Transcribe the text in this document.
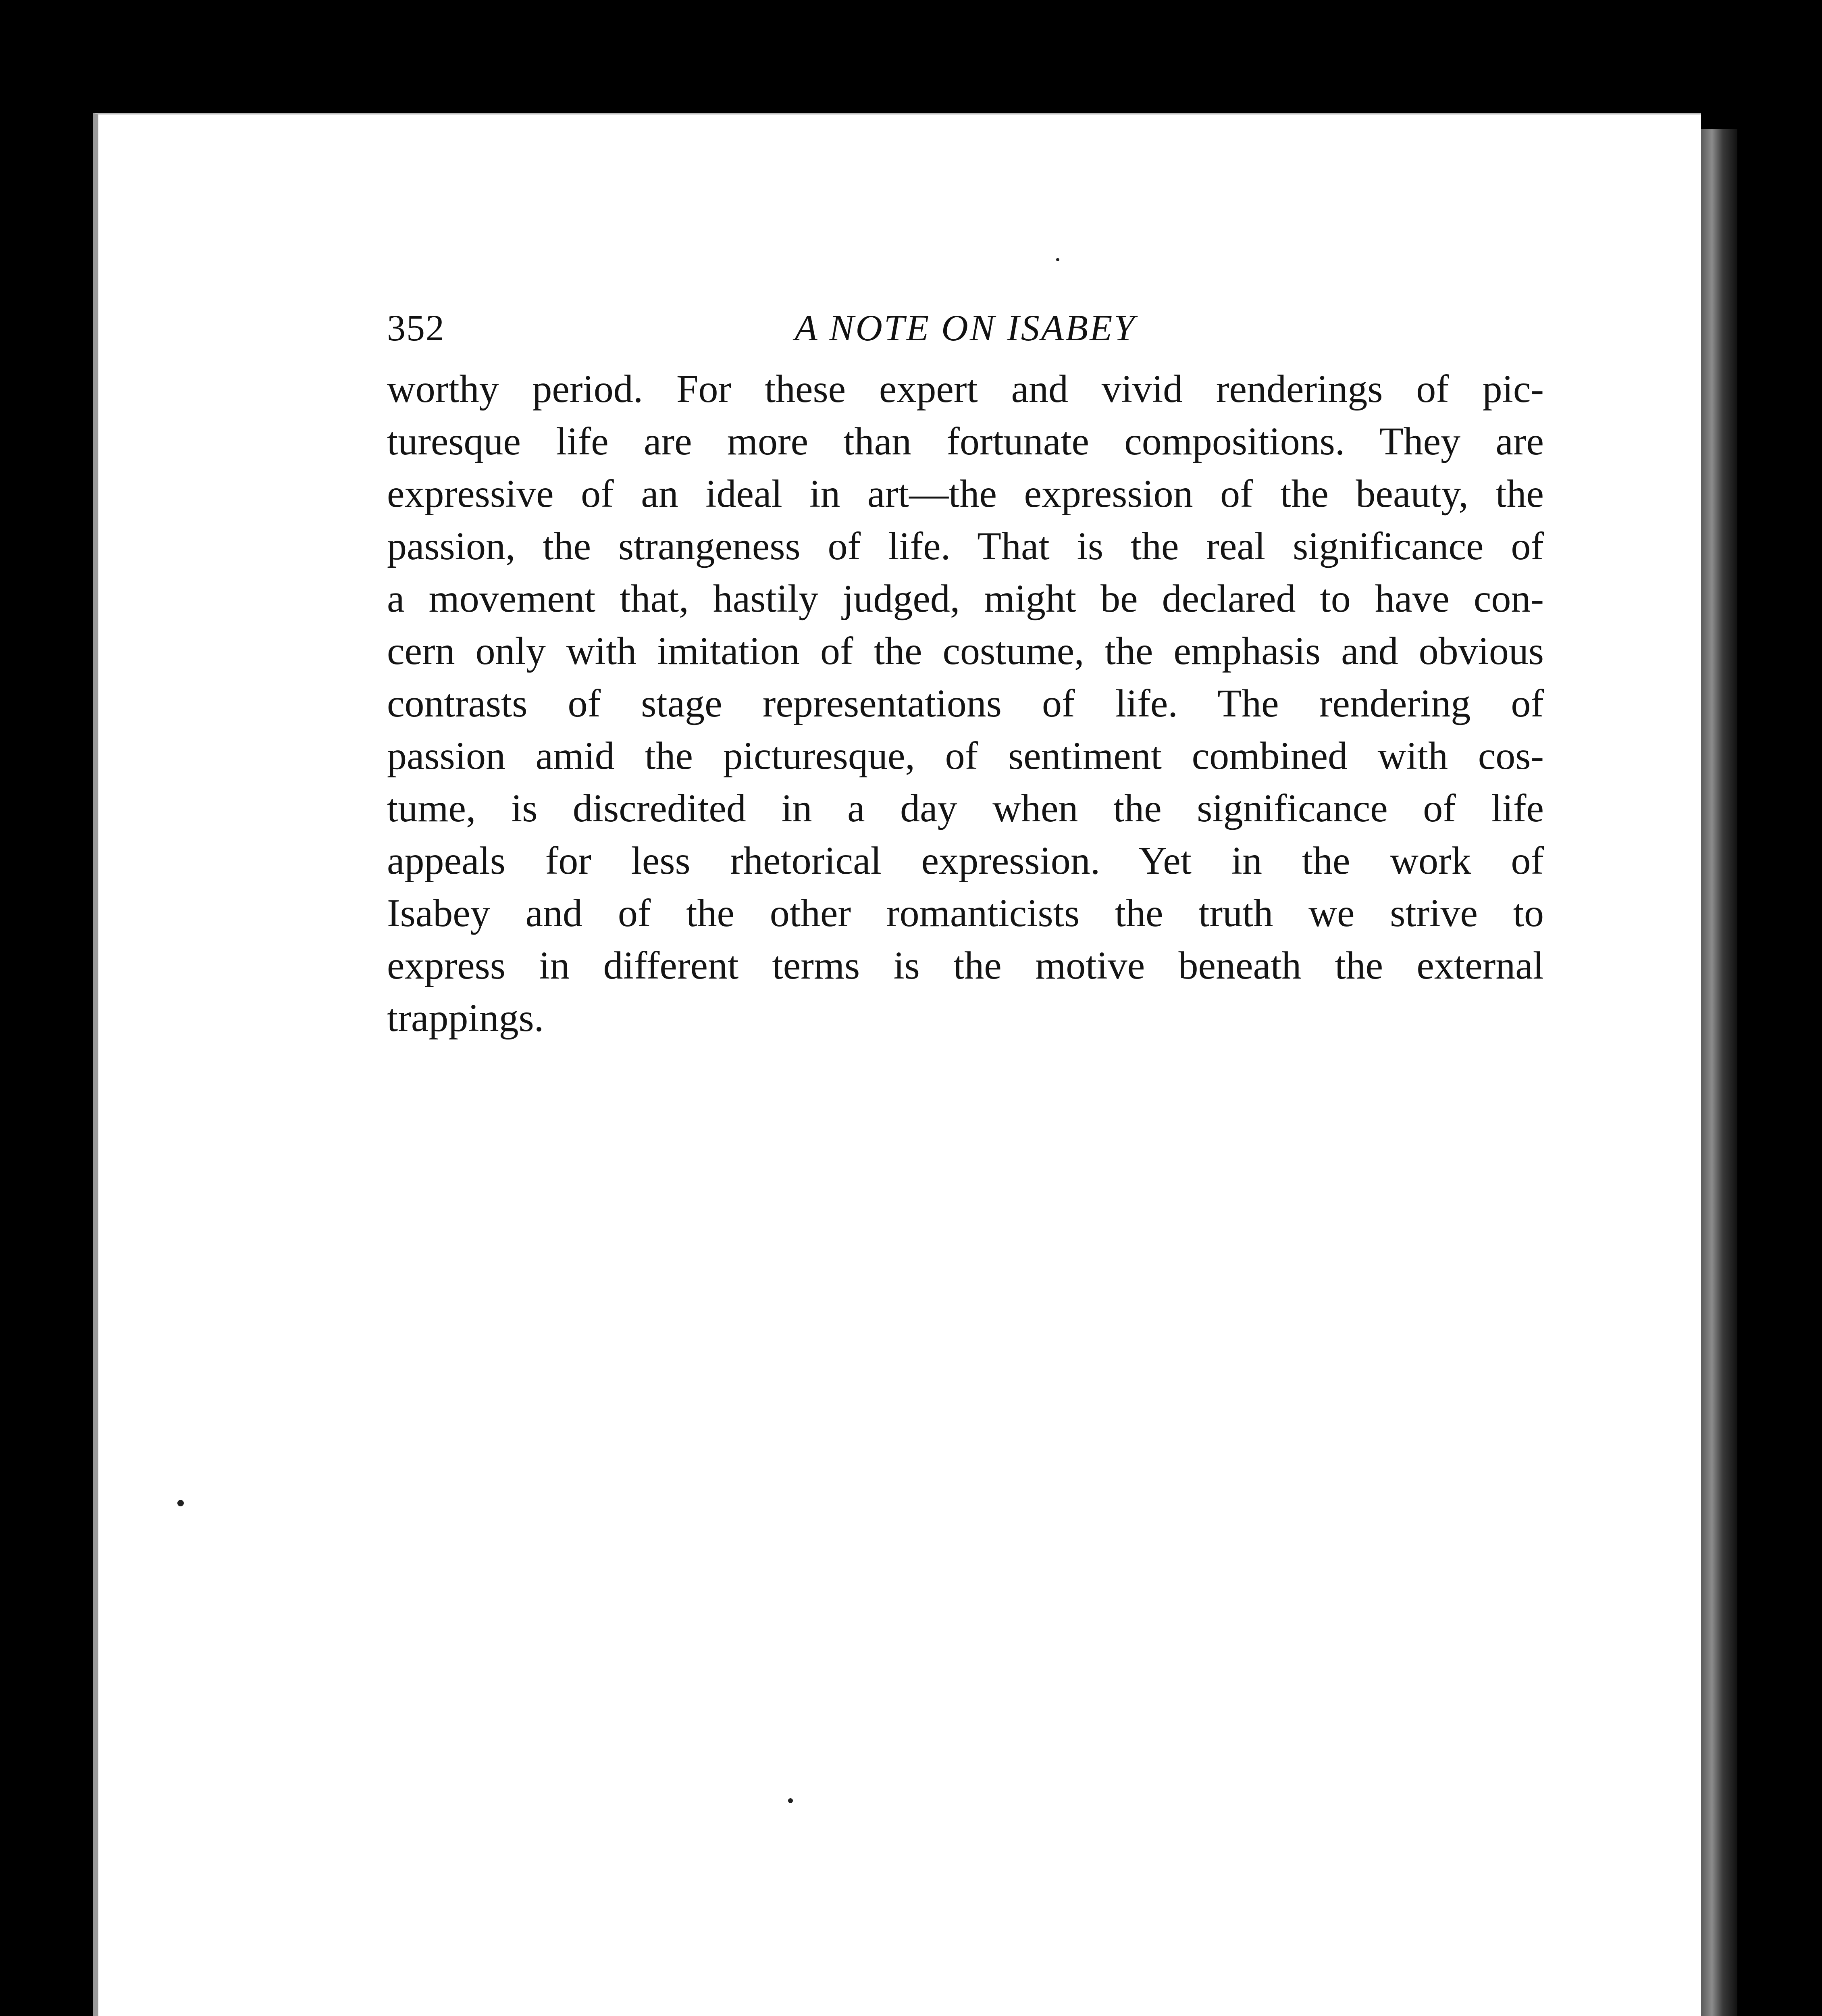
352	A NOTE ON ISABEY
worthy period. For these expert and vivid renderings of pic-
turesque life are more than fortunate compositions. They are
expressive of an ideal in art—the expression of the beauty, the
passion, the strangeness of life. That is the real significance of
a movement that, hastily judged, might be declared to have con-
cern only with imitation of the costume, the emphasis and obvious
contrasts of stage representations of life. The rendering of
passion amid the picturesque, of sentiment combined with cos-
tume, is discredited in a day when the significance of life
appeals for less rhetorical expression. Yet in the work of
Isabey and of the other romanticists the truth we strive to
express in different terms is the motive beneath the external
trappings.
